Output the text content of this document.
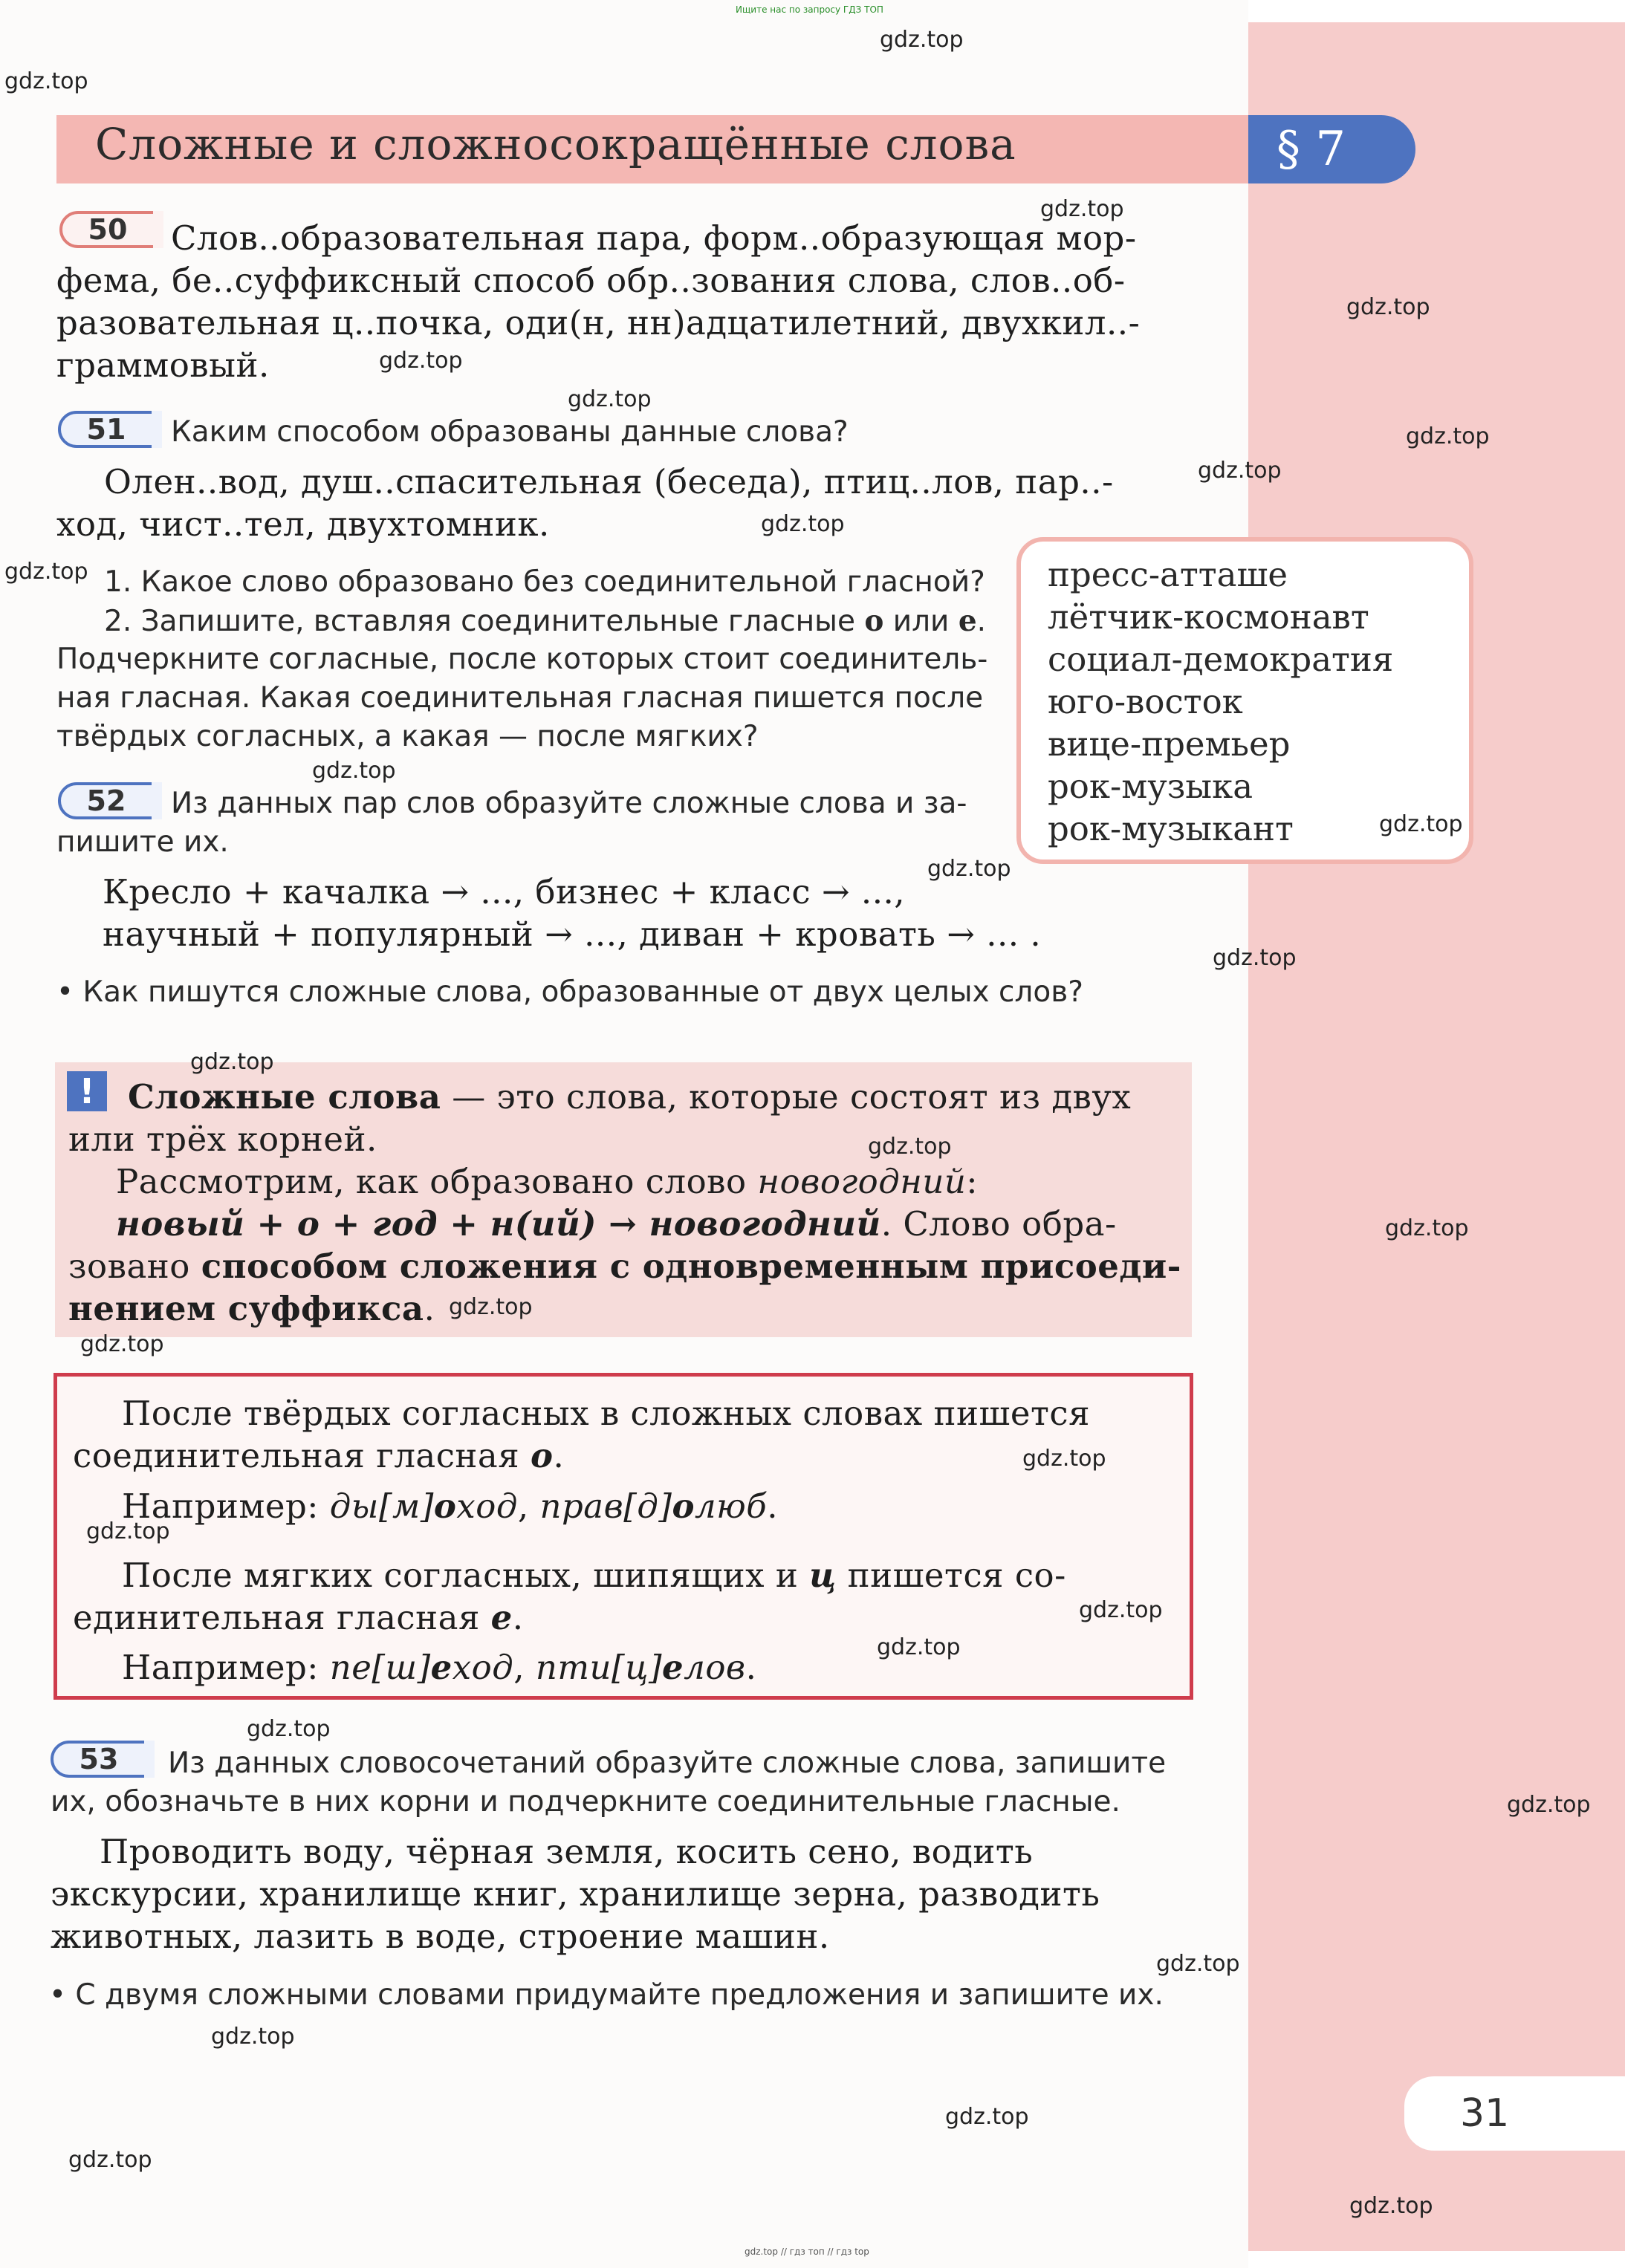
Ищите нас по запросу ГДЗ ТОП
Сложные и сложносокращённые слова	§ 7
50	Слов..образовательная пара, форм..образующая мор-
фема, бе..суффиксный способ обр..зования слова, слов..об-
разовательная ц..почка, оди(н, нн)адцатилетний, двухкил..-
граммовый.
51	Каким способом образованы данные слова?
Олен..вод, душ..спасительная (беседа), птиц..лов, пар..-
ход, чист..тел, двухтомник.
1. Какое слово образовано без соединительной гласной?
2. Запишите, вставляя соединительные гласные о или е.
Подчеркните согласные, после которых стоит соединитель-
ная гласная. Какая соединительная гласная пишется после
твёрдых согласных, а какая — после мягких?
пресс-атташе
лётчик-космонавт
социал-демократия
юго-восток
вице-премьер
рок-музыка
рок-музыкант
52	Из данных пар слов образуйте сложные слова и за-
пишите их.
Кресло + качалка → ..., бизнес + класс → ...,
научный + популярный → ..., диван + кровать → ... .
• Как пишутся сложные слова, образованные от двух целых слов?
! Сложные слова — это слова, которые состоят из двух
или трёх корней.
Рассмотрим, как образовано слово новогодний:
новый + о + год + н(ий) → новогодний. Слово обра-
зовано способом сложения с одновременным присоеди-
нением суффикса.
После твёрдых согласных в сложных словах пишется
соединительная гласная о.
Например: ды[м]оход, прав[д]олюб.
После мягких согласных, шипящих и ц пишется со-
единительная гласная е.
Например: пе[ш]еход, пти[ц]елов.
53	Из данных словосочетаний образуйте сложные слова, запишите
их, обозначьте в них корни и подчеркните соединительные гласные.
Проводить воду, чёрная земля, косить сено, водить
экскурсии, хранилище книг, хранилище зерна, разводить
животных, лазить в воде, строение машин.
• С двумя сложными словами придумайте предложения и запишите их.
31
gdz.top
gdz.top
gdz.top
gdz.top
gdz.top
gdz.top
gdz.top
gdz.top
gdz.top
gdz.top
gdz.top
gdz.top
gdz.top
gdz.top
gdz.top
gdz.top
gdz.top
gdz.top
gdz.top
gdz.top
gdz.top
gdz.top
gdz.top
gdz.top
gdz.top
gdz.top
gdz.top
gdz.top
gdz.top
gdz.top
gdz.top // гдз топ // гдз top
